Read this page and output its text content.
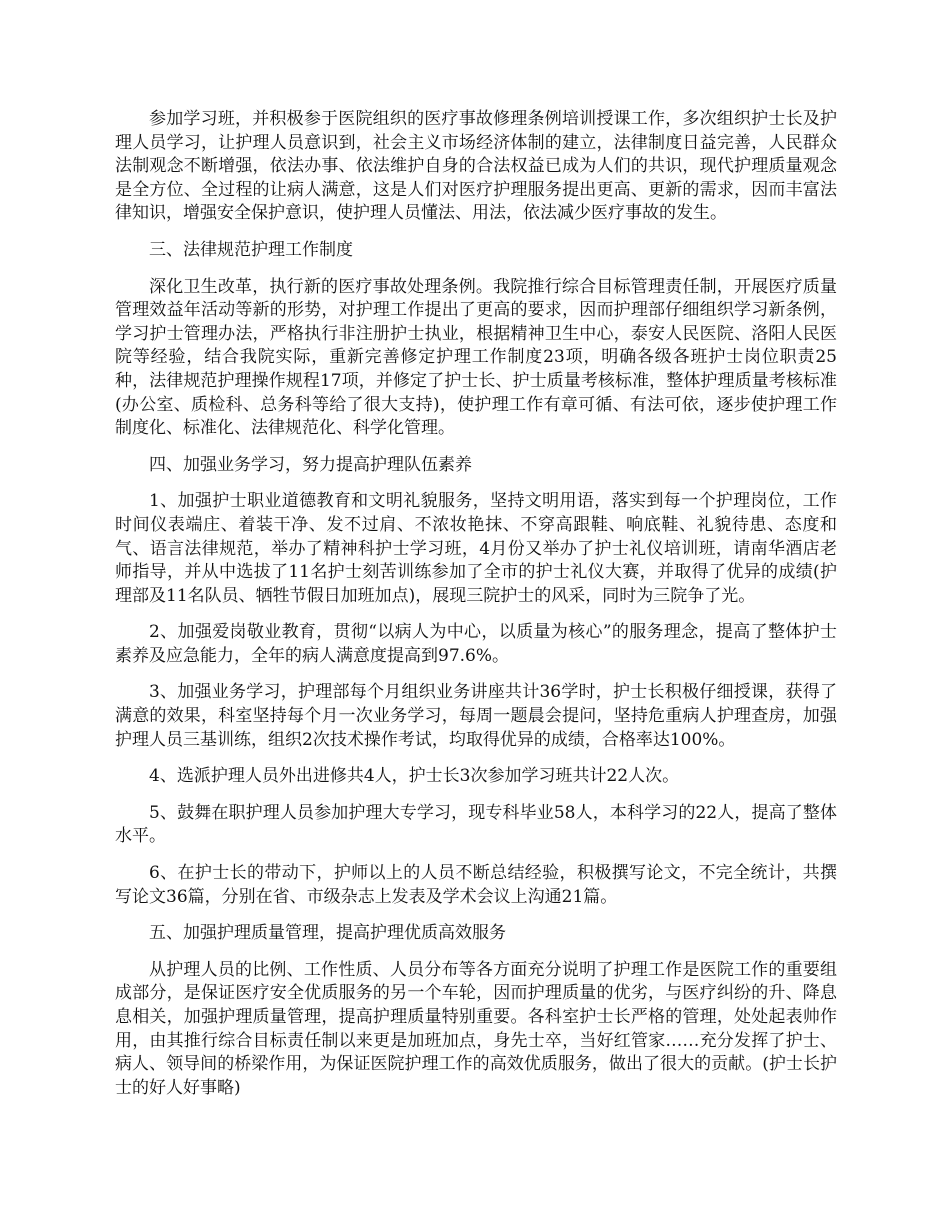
参加学习班，并积极参于医院组织的医疗事故修理条例培训授课工作，多次组织护士长及护理人员学习，让护理人员意识到，社会主义市场经济体制的建立，法律制度日益完善，人民群众法制观念不断增强，依法办事、依法维护自身的合法权益已成为人们的共识，现代护理质量观念是全方位、全过程的让病人满意，这是人们对医疗护理服务提出更高、更新的需求，因而丰富法律知识，增强安全保护意识，使护理人员懂法、用法，依法减少医疗事故的发生。

三、法律规范护理工作制度

深化卫生改革，执行新的医疗事故处理条例。我院推行综合目标管理责任制，开展医疗质量管理效益年活动等新的形势，对护理工作提出了更高的要求，因而护理部仔细组织学习新条例，学习护士管理办法，严格执行非注册护士执业，根据精神卫生中心，泰安人民医院、洛阳人民医院等经验，结合我院实际，重新完善修定护理工作制度23项，明确各级各班护士岗位职责25种，法律规范护理操作规程17项，并修定了护士长、护士质量考核标准，整体护理质量考核标准(办公室、质检科、总务科等给了很大支持)，使护理工作有章可循、有法可依，逐步使护理工作制度化、标准化、法律规范化、科学化管理。

四、加强业务学习，努力提高护理队伍素养

1、加强护士职业道德教育和文明礼貌服务，坚持文明用语，落实到每一个护理岗位，工作时间仪表端庄、着装干净、发不过肩、不浓妆艳抹、不穿高跟鞋、响底鞋、礼貌待患、态度和气、语言法律规范，举办了精神科护士学习班，4月份又举办了护士礼仪培训班，请南华酒店老师指导，并从中选拔了11名护士刻苦训练参加了全市的护士礼仪大赛，并取得了优异的成绩(护理部及11名队员、牺牲节假日加班加点)，展现三院护士的风采，同时为三院争了光。

2、加强爱岗敬业教育，贯彻“以病人为中心，以质量为核心”的服务理念，提高了整体护士素养及应急能力，全年的病人满意度提高到97.6%。

3、加强业务学习，护理部每个月组织业务讲座共计36学时，护士长积极仔细授课，获得了满意的效果，科室坚持每个月一次业务学习，每周一题晨会提问，坚持危重病人护理查房，加强护理人员三基训练，组织2次技术操作考试，均取得优异的成绩，合格率达100%。

4、选派护理人员外出进修共4人，护士长3次参加学习班共计22人次。

5、鼓舞在职护理人员参加护理大专学习，现专科毕业58人，本科学习的22人，提高了整体水平。

6、在护士长的带动下，护师以上的人员不断总结经验，积极撰写论文，不完全统计，共撰写论文36篇，分别在省、市级杂志上发表及学术会议上沟通21篇。

五、加强护理质量管理，提高护理优质高效服务

从护理人员的比例、工作性质、人员分布等各方面充分说明了护理工作是医院工作的重要组成部分，是保证医疗安全优质服务的另一个车轮，因而护理质量的优劣，与医疗纠纷的升、降息息相关，加强护理质量管理，提高护理质量特别重要。各科室护士长严格的管理，处处起表帅作用，由其推行综合目标责任制以来更是加班加点，身先士卒，当好红管家……充分发挥了护士、病人、领导间的桥梁作用，为保证医院护理工作的高效优质服务，做出了很大的贡献。(护士长护士的好人好事略)
